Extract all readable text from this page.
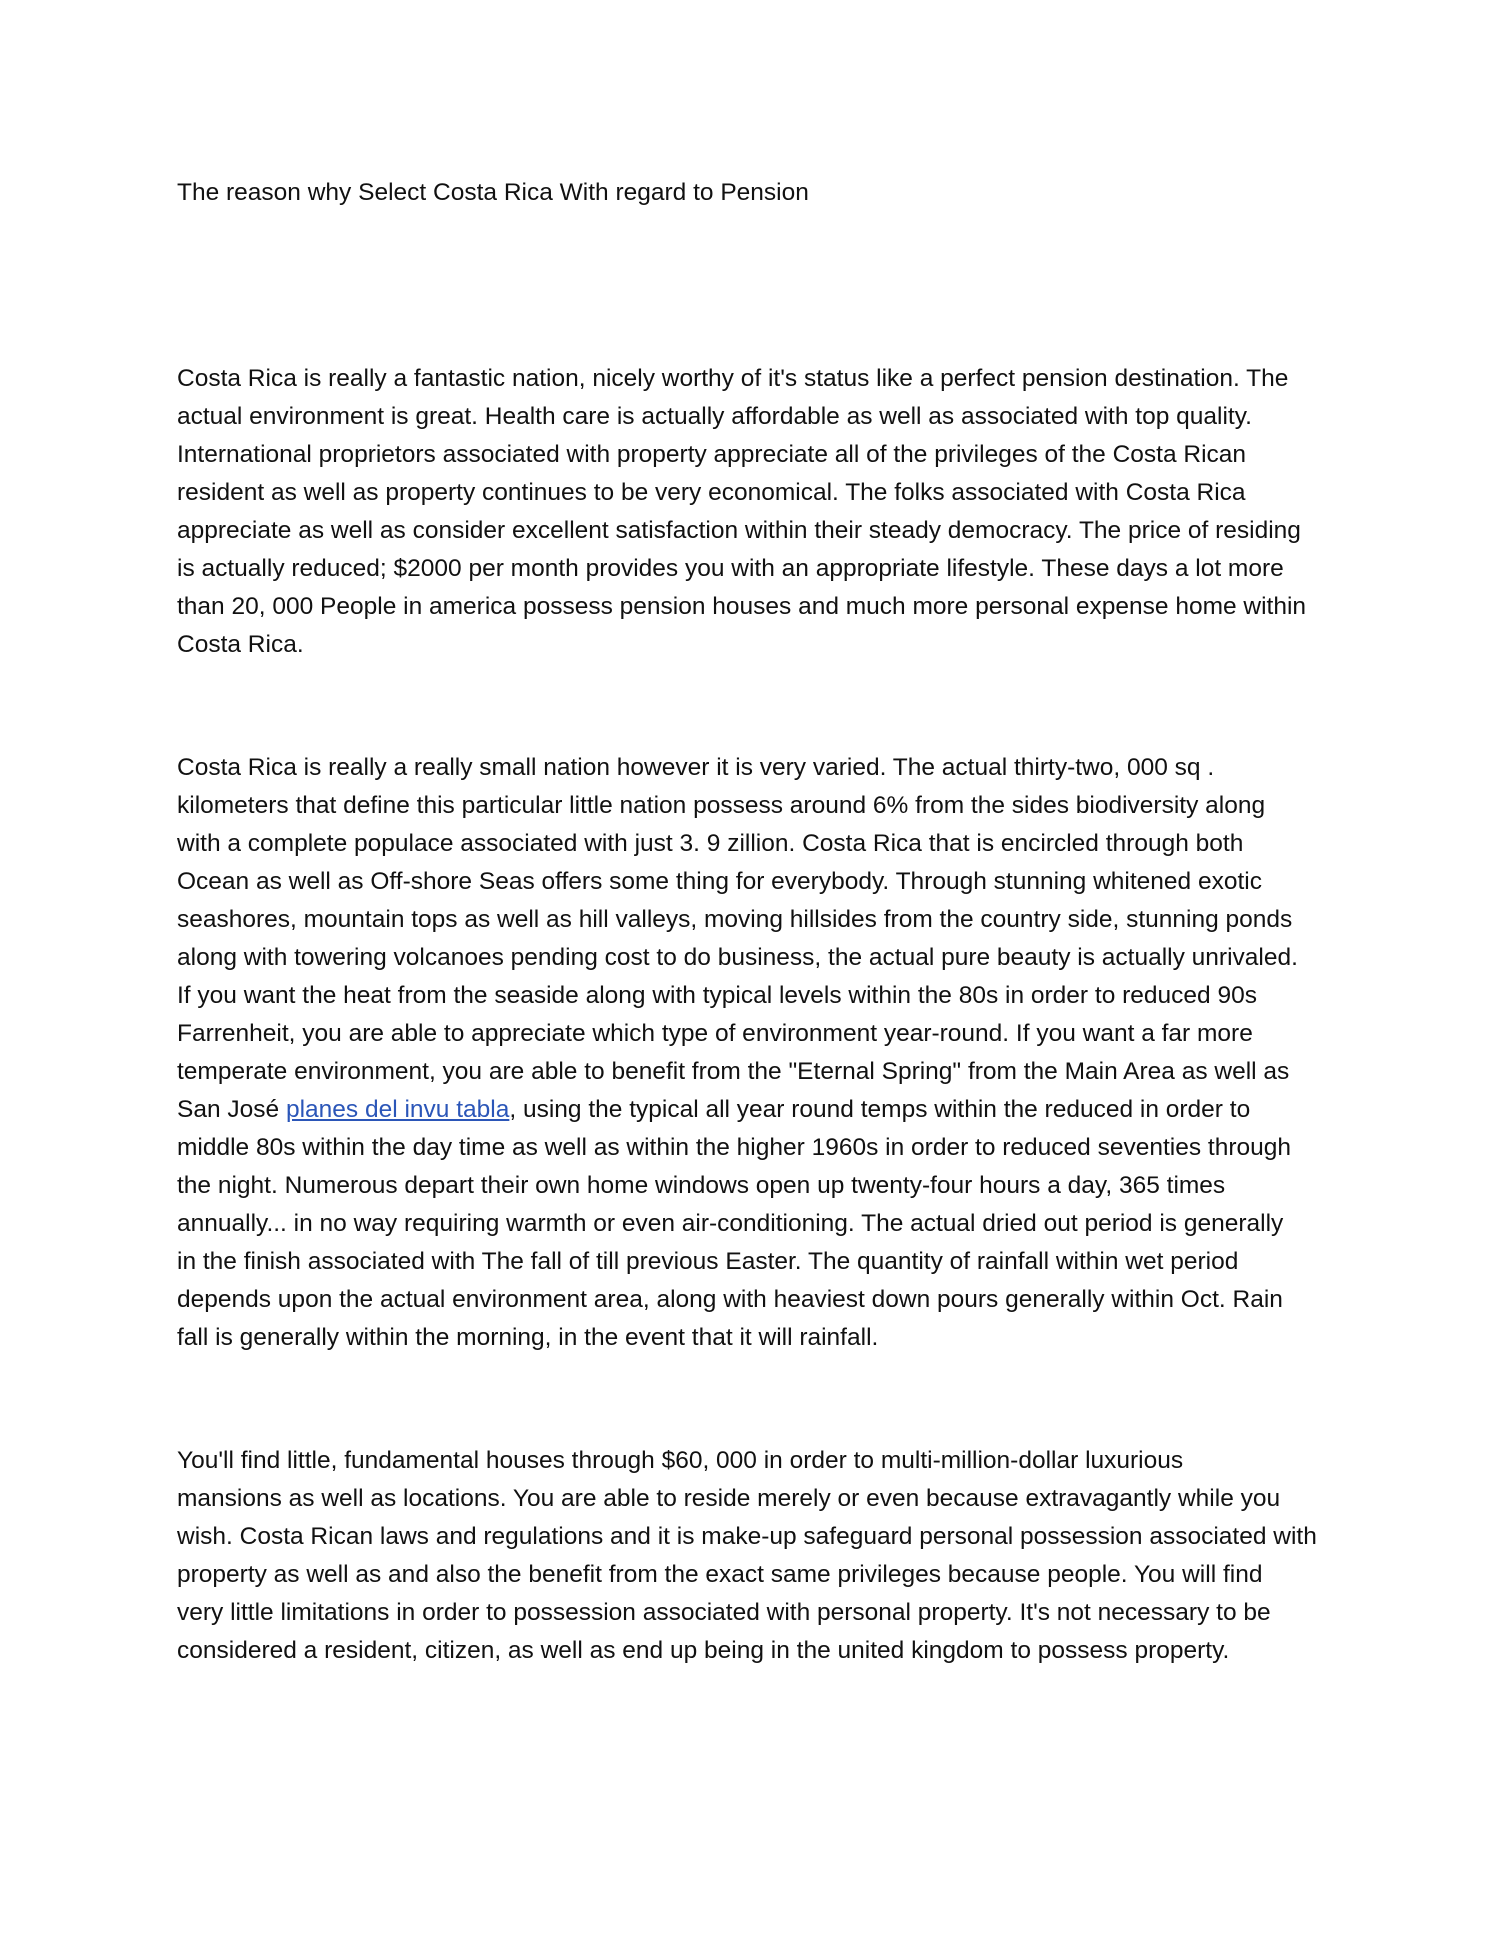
The reason why Select Costa Rica With regard to Pension
Costa Rica is really a fantastic nation, nicely worthy of it's status like a perfect pension destination. The
actual environment is great. Health care is actually affordable as well as associated with top quality.
International proprietors associated with property appreciate all of the privileges of the Costa Rican
resident as well as property continues to be very economical. The folks associated with Costa Rica
appreciate as well as consider excellent satisfaction within their steady democracy. The price of residing
is actually reduced; $2000 per month provides you with an appropriate lifestyle. These days a lot more
than 20, 000 People in america possess pension houses and much more personal expense home within
Costa Rica.
Costa Rica is really a really small nation however it is very varied. The actual thirty-two, 000 sq .
kilometers that define this particular little nation possess around 6% from the sides biodiversity along
with a complete populace associated with just 3. 9 zillion. Costa Rica that is encircled through both
Ocean as well as Off-shore Seas offers some thing for everybody. Through stunning whitened exotic
seashores, mountain tops as well as hill valleys, moving hillsides from the country side, stunning ponds
along with towering volcanoes pending cost to do business, the actual pure beauty is actually unrivaled.
If you want the heat from the seaside along with typical levels within the 80s in order to reduced 90s
Farrenheit, you are able to appreciate which type of environment year-round. If you want a far more
temperate environment, you are able to benefit from the "Eternal Spring" from the Main Area as well as
San José planes del invu tabla, using the typical all year round temps within the reduced in order to
middle 80s within the day time as well as within the higher 1960s in order to reduced seventies through
the night. Numerous depart their own home windows open up twenty-four hours a day, 365 times
annually... in no way requiring warmth or even air-conditioning. The actual dried out period is generally
in the finish associated with The fall of till previous Easter. The quantity of rainfall within wet period
depends upon the actual environment area, along with heaviest down pours generally within Oct. Rain
fall is generally within the morning, in the event that it will rainfall.
You'll find little, fundamental houses through $60, 000 in order to multi-million-dollar luxurious
mansions as well as locations. You are able to reside merely or even because extravagantly while you
wish. Costa Rican laws and regulations and it is make-up safeguard personal possession associated with
property as well as and also the benefit from the exact same privileges because people. You will find
very little limitations in order to possession associated with personal property. It's not necessary to be
considered a resident, citizen, as well as end up being in the united kingdom to possess property.
